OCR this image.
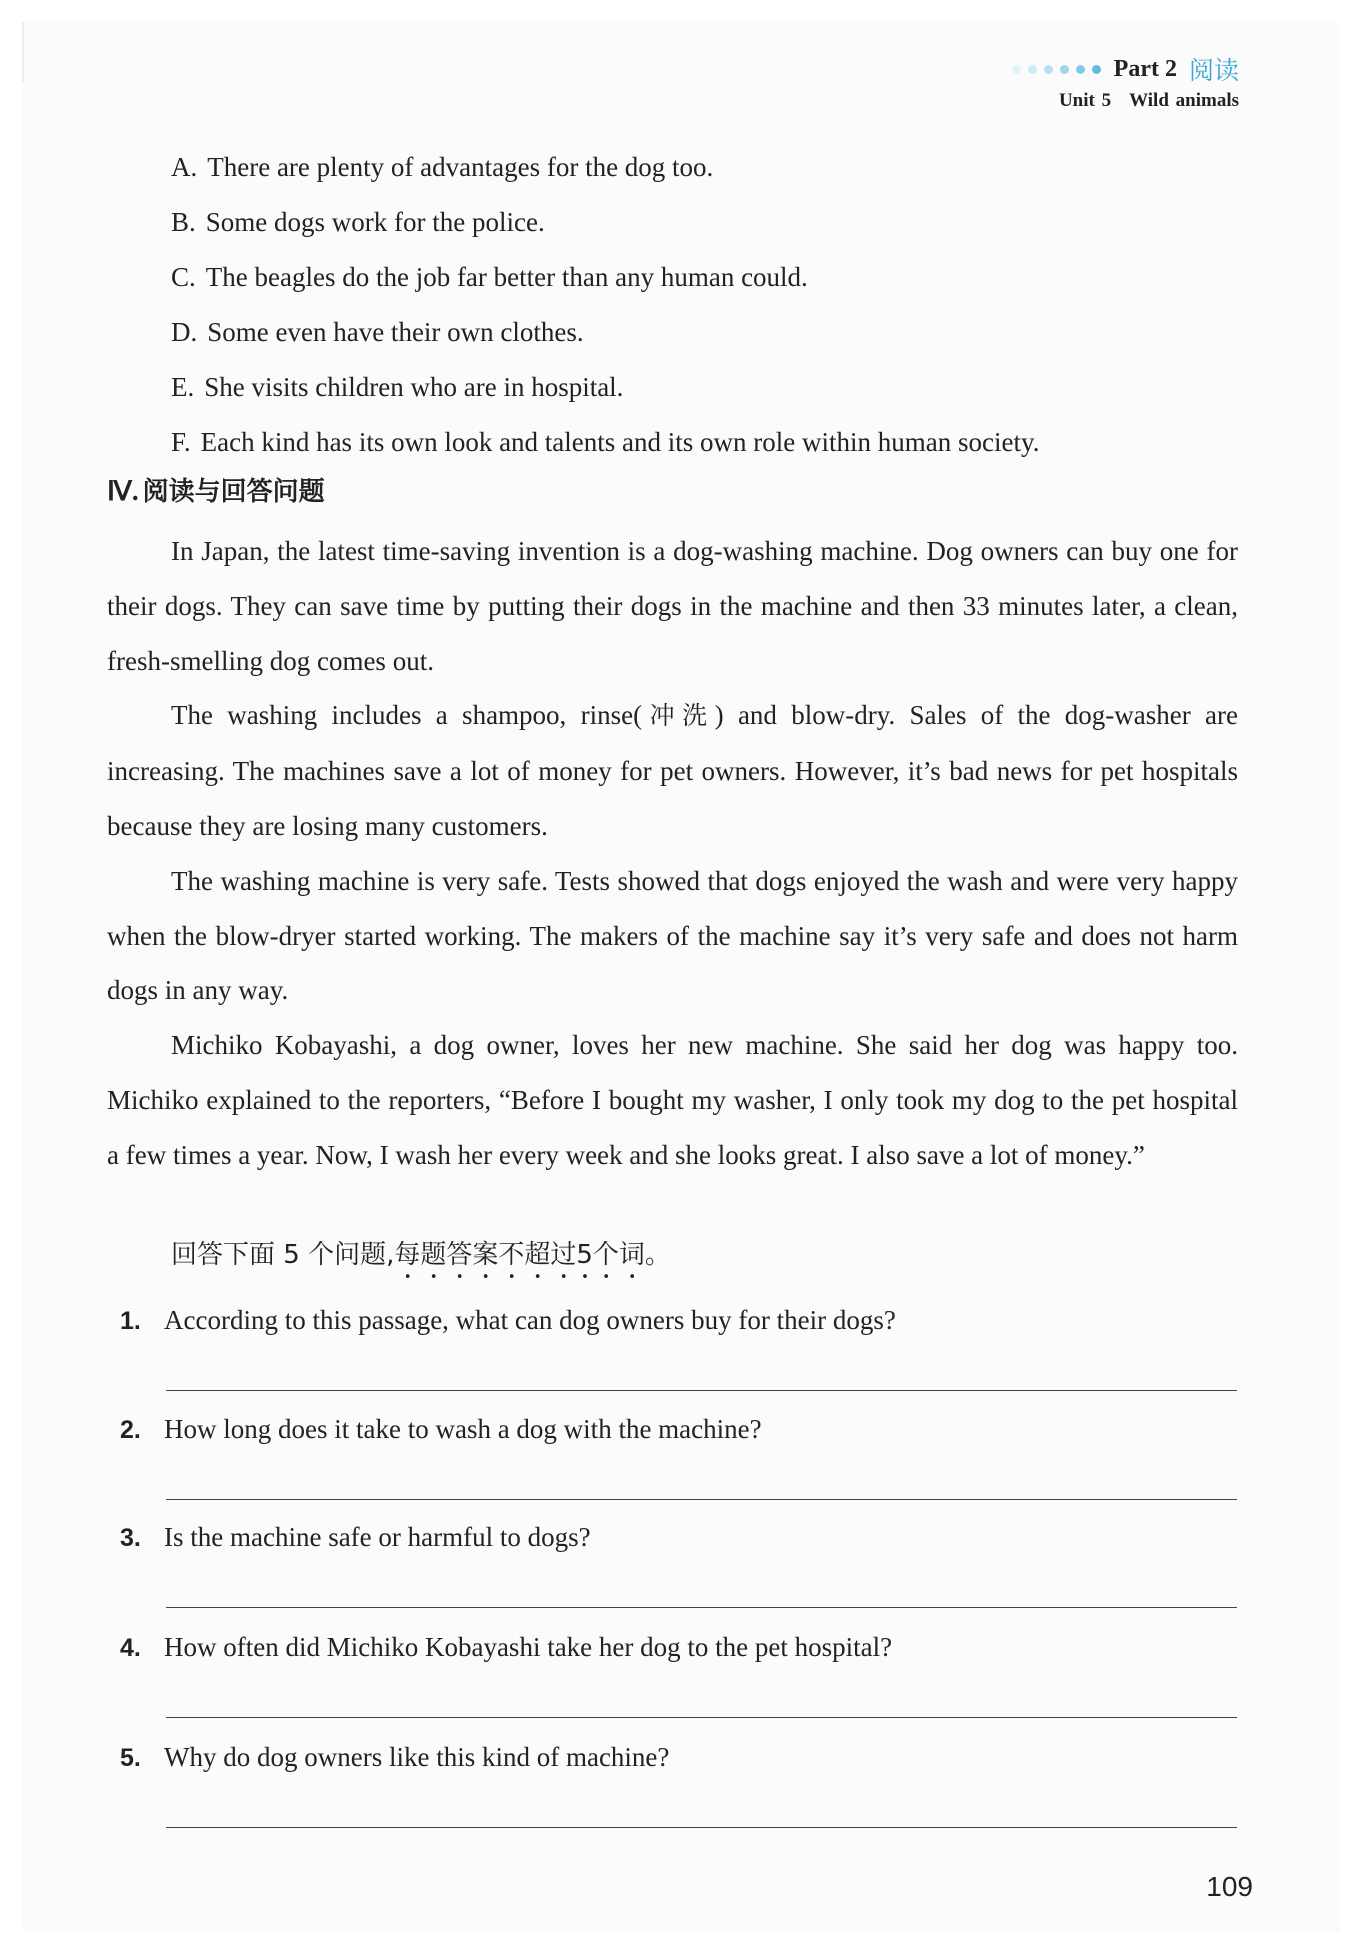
Part 2 阅读
Unit 5 Wild animals
A. There are plenty of advantages for the dog too.
B. Some dogs work for the police.
C. The beagles do the job far better than any human could.
D. Some even have their own clothes.
E. She visits children who are in hospital.
F. Each kind has its own look and talents and its own role within human society.
Ⅳ. 阅读与回答问题

In Japan, the latest time-saving invention is a dog-washing machine. Dog owners can buy one for their dogs. They can save time by putting their dogs in the machine and then 33 minutes later, a clean, fresh-smelling dog comes out.

The washing includes a shampoo, rinse(冲洗) and blow-dry. Sales of the dog-washer are increasing. The machines save a lot of money for pet owners. However, it’s bad news for pet hospitals because they are losing many customers.

The washing machine is very safe. Tests showed that dogs enjoyed the wash and were very happy when the blow-dryer started working. The makers of the machine say it’s very safe and does not harm dogs in any way.

Michiko Kobayashi, a dog owner, loves her new machine. She said her dog was happy too. Michiko explained to the reporters, “Before I bought my washer, I only took my dog to the pet hospital a few times a year. Now, I wash her every week and she looks great. I also save a lot of money.”

回答下面 5 个问题,每题答案不超过5个词。
1. According to this passage, what can dog owners buy for their dogs?
2. How long does it take to wash a dog with the machine?
3. Is the machine safe or harmful to dogs?
4. How often did Michiko Kobayashi take her dog to the pet hospital?
5. Why do dog owners like this kind of machine?
109
